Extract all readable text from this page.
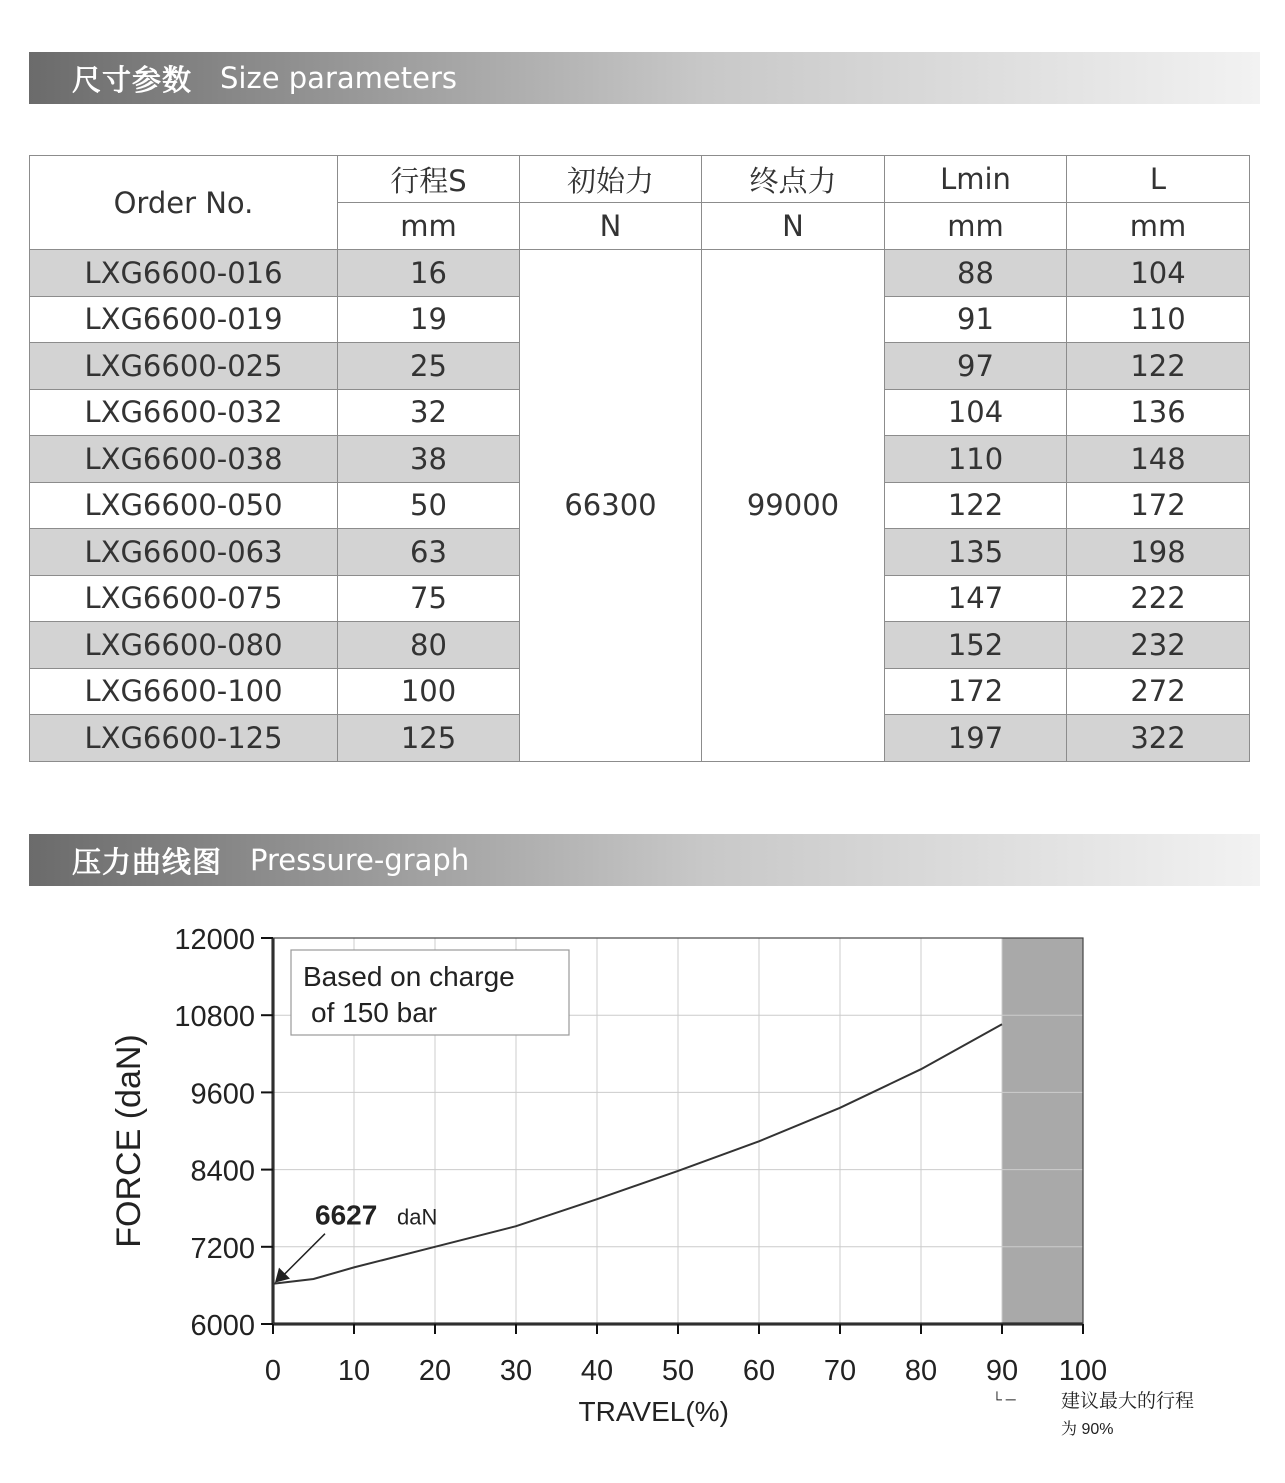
尺寸参数 Size parameters
Order No.	行程S	初始力	终点力	Lmin	L
	mm	N	N	mm	mm
LXG6600-016	16	66300	99000	88	104
LXG6600-019	19			91	110
LXG6600-025	25			97	122
LXG6600-032	32			104	136
LXG6600-038	38			110	148
LXG6600-050	50			122	172
LXG6600-063	63			135	198
LXG6600-075	75			147	222
LXG6600-080	80			152	232
LXG6600-100	100			172	272
LXG6600-125	125			197	322
压力曲线图 Pressure-graph
Based on charge
of 150 bar
6000
7200
8400
9600
10800
12000
0 10 20 30 40 50 60 70 80 90 100
TRAVEL(%)
FORCE (daN)	6627 daN
└ ─ 建议最大的行程
为 90%
